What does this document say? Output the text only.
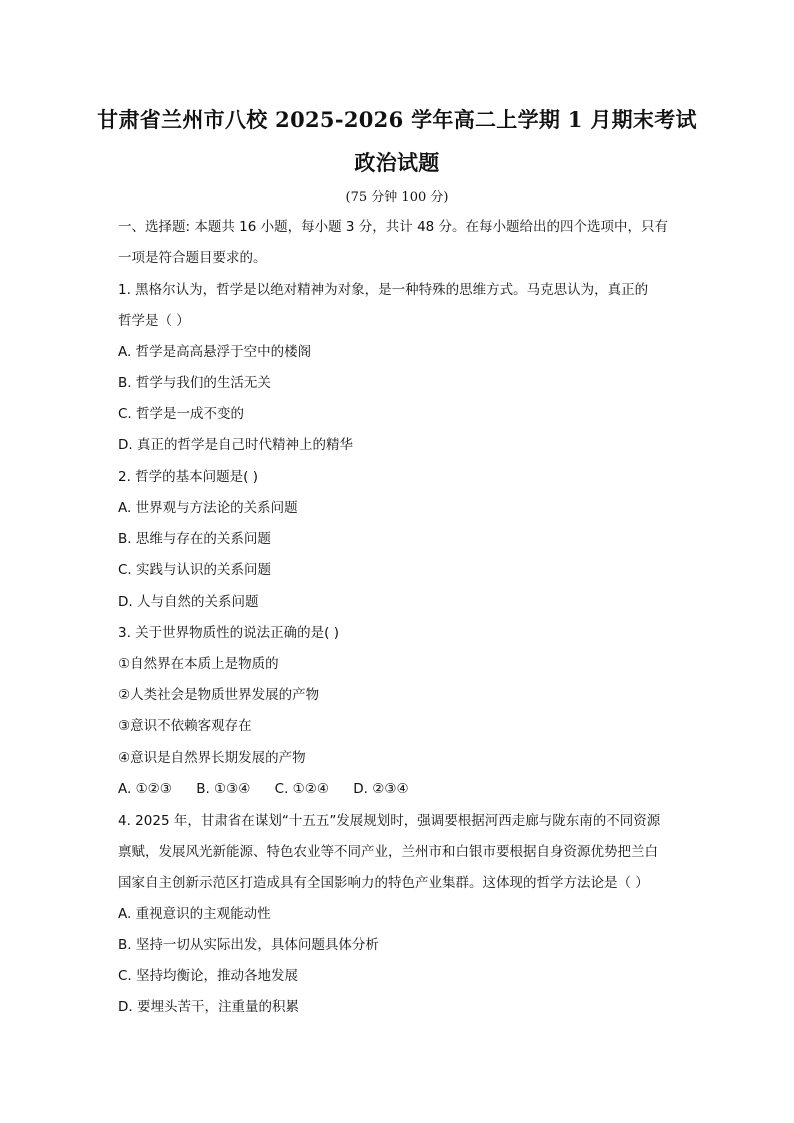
甘肃省兰州市八校 2025-2026 学年高二上学期 1 月期末考试
政治试题
(75 分钟 100 分)
一、选择题: 本题共 16 小题，每小题 3 分，共计 48 分。在每小题给出的四个选项中，只有
一项是符合题目要求的。
1. 黑格尔认为，哲学是以绝对精神为对象，是一种特殊的思维方式。马克思认为，真正的
哲学是（ ）
A. 哲学是高高悬浮于空中的楼阁
B. 哲学与我们的生活无关
C. 哲学是一成不变的
D. 真正的哲学是自己时代精神上的精华
2. 哲学的基本问题是( )
A. 世界观与方法论的关系问题
B. 思维与存在的关系问题
C. 实践与认识的关系问题
D. 人与自然的关系问题
3. 关于世界物质性的说法正确的是( )
①自然界在本质上是物质的
②人类社会是物质世界发展的产物
③意识不依赖客观存在
④意识是自然界长期发展的产物
A. ①②③ B. ①③④ C. ①②④ D. ②③④
4. 2025 年，甘肃省在谋划“十五五”发展规划时，强调要根据河西走廊与陇东南的不同资源
禀赋，发展风光新能源、特色农业等不同产业，兰州市和白银市要根据自身资源优势把兰白
国家自主创新示范区打造成具有全国影响力的特色产业集群。这体现的哲学方法论是（ ）
A. 重视意识的主观能动性
B. 坚持一切从实际出发，具体问题具体分析
C. 坚持均衡论，推动各地发展
D. 要埋头苦干，注重量的积累
